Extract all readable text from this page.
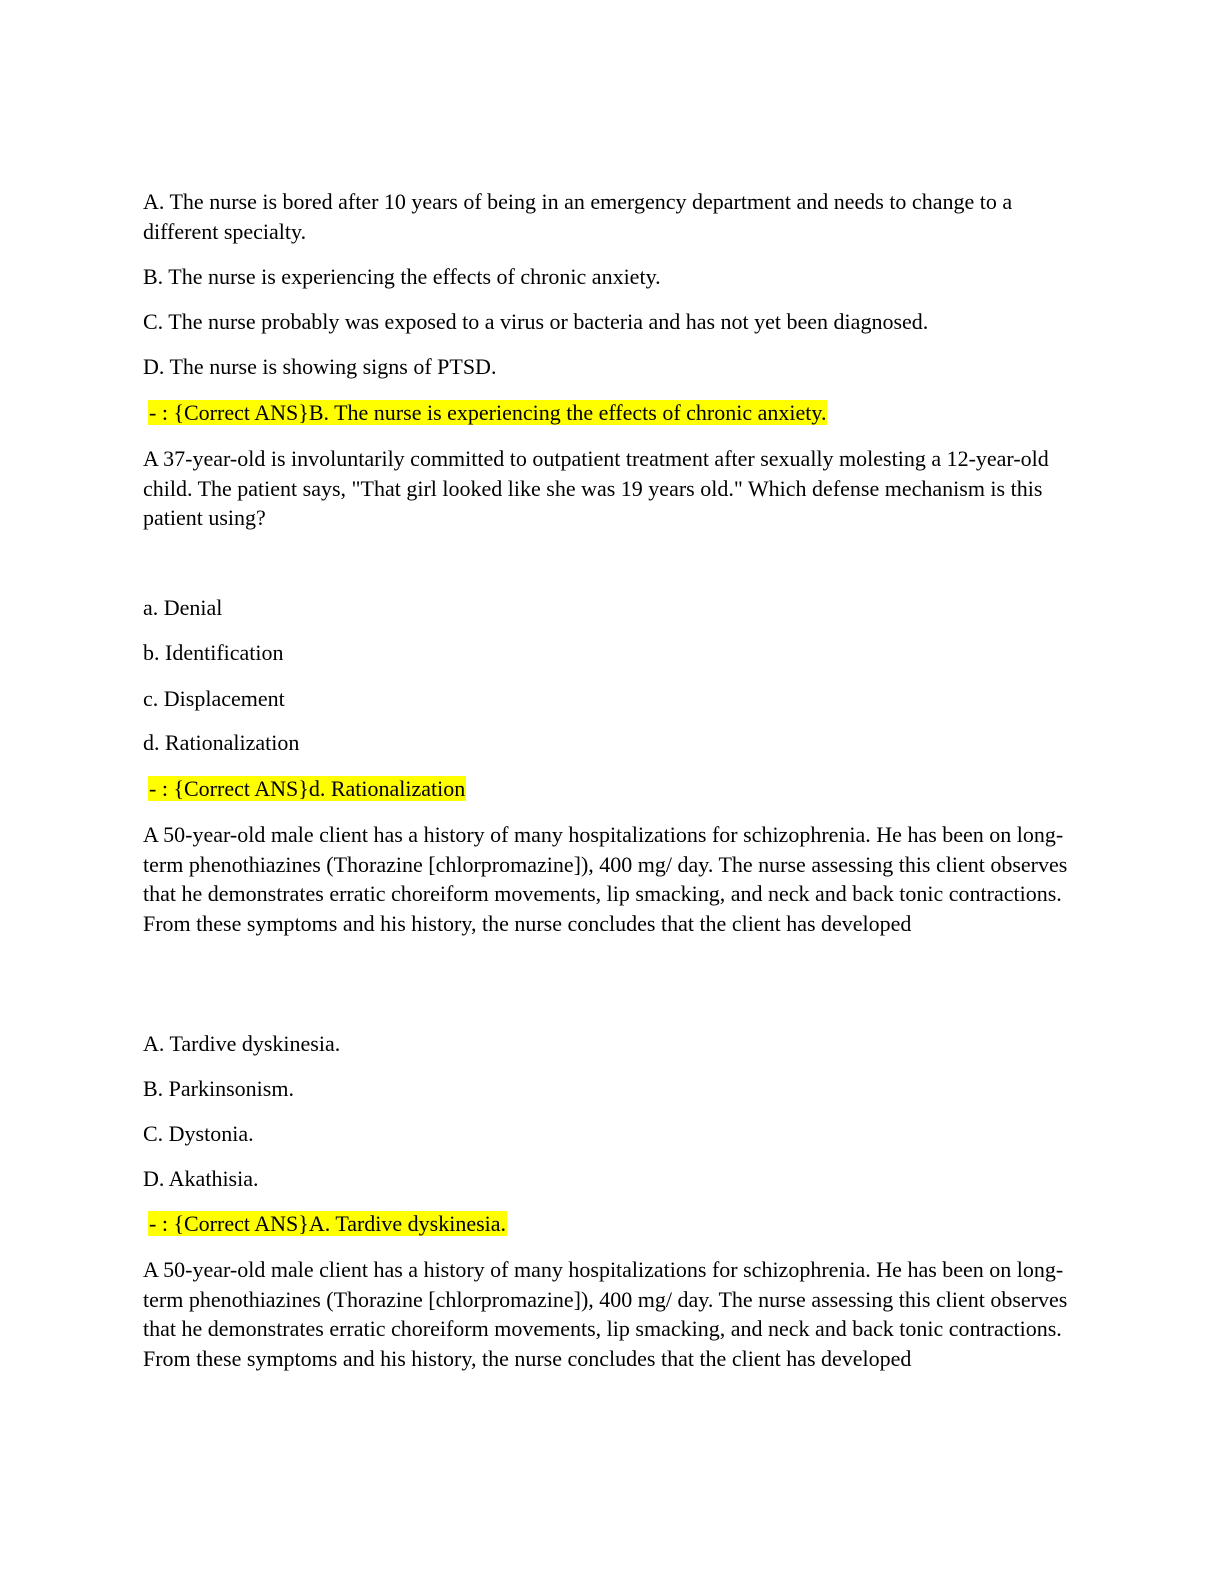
A. The nurse is bored after 10 years of being in an emergency department and needs to change to a different specialty.
B. The nurse is experiencing the effects of chronic anxiety.
C. The nurse probably was exposed to a virus or bacteria and has not yet been diagnosed.
D. The nurse is showing signs of PTSD.
- : {Correct ANS}B. The nurse is experiencing the effects of chronic anxiety.
A 37-year-old is involuntarily committed to outpatient treatment after sexually molesting a 12-year-old child. The patient says, "That girl looked like she was 19 years old." Which defense mechanism is this patient using?
a. Denial
b. Identification
c. Displacement
d. Rationalization
- : {Correct ANS}d. Rationalization
A 50-year-old male client has a history of many hospitalizations for schizophrenia. He has been on long-term phenothiazines (Thorazine [chlorpromazine]), 400 mg/ day. The nurse assessing this client observes that he demonstrates erratic choreiform movements, lip smacking, and neck and back tonic contractions. From these symptoms and his history, the nurse concludes that the client has developed
A. Tardive dyskinesia.
B. Parkinsonism.
C. Dystonia.
D. Akathisia.
- : {Correct ANS}A. Tardive dyskinesia.
A 50-year-old male client has a history of many hospitalizations for schizophrenia. He has been on long-term phenothiazines (Thorazine [chlorpromazine]), 400 mg/ day. The nurse assessing this client observes that he demonstrates erratic choreiform movements, lip smacking, and neck and back tonic contractions. From these symptoms and his history, the nurse concludes that the client has developed
